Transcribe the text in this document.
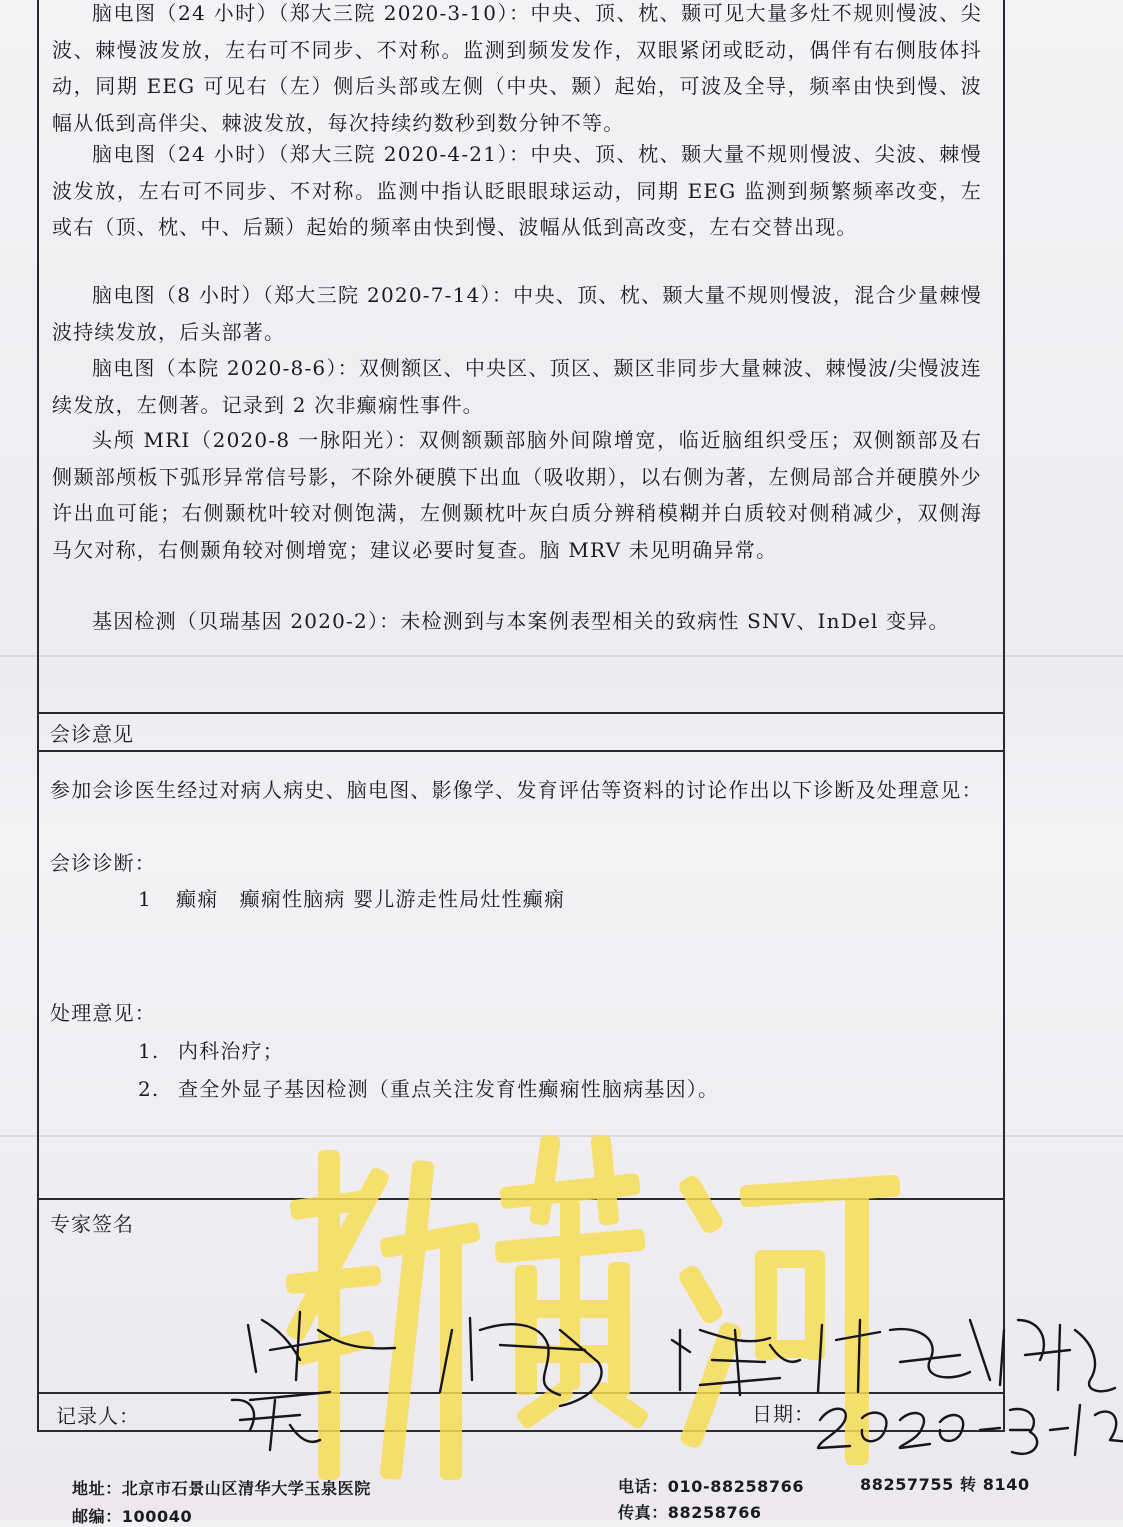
脑电图（24 小时）（郑大三院 2020-3-10）：中央、顶、枕、颞可见大量多灶不规则慢波、尖波、棘慢波发放，左右可不同步、不对称。监测到频发发作，双眼紧闭或眨动，偶伴有右侧肢体抖动，同期 EEG 可见右（左）侧后头部或左侧（中央、颞）起始，可波及全导，频率由快到慢、波幅从低到高伴尖、棘波发放，每次持续约数秒到数分钟不等。

脑电图（24 小时）（郑大三院 2020-4-21）：中央、顶、枕、颞大量不规则慢波、尖波、棘慢波发放，左右可不同步、不对称。监测中指认眨眼眼球运动，同期 EEG 监测到频繁频率改变，左或右（顶、枕、中、后颞）起始的频率由快到慢、波幅从低到高改变，左右交替出现。

脑电图（8 小时）（郑大三院 2020-7-14）：中央、顶、枕、颞大量不规则慢波，混合少量棘慢波持续发放，后头部著。

脑电图（本院 2020-8-6）：双侧额区、中央区、顶区、颞区非同步大量棘波、棘慢波/尖慢波连续发放，左侧著。记录到 2 次非癫痫性事件。

头颅 MRI（2020-8 一脉阳光）：双侧额颞部脑外间隙增宽，临近脑组织受压；双侧额部及右侧颞部颅板下弧形异常信号影，不除外硬膜下出血（吸收期），以右侧为著，左侧局部合并硬膜外少许出血可能；右侧颞枕叶较对侧饱满，左侧颞枕叶灰白质分辨稍模糊并白质较对侧稍减少，双侧海马欠对称，右侧颞角较对侧增宽；建议必要时复查。脑 MRV 未见明确异常。

基因检测（贝瑞基因 2020-2）：未检测到与本案例表型相关的致病性 SNV、InDel 变异。

会诊意见
参加会诊医生经过对病人病史、脑电图、影像学、发育评估等资料的讨论作出以下诊断及处理意见：
会诊诊断：
1 癫痫　癫痫性脑病 婴儿游走性局灶性癫痫
处理意见：
1. 内科治疗；
2. 查全外显子基因检测（重点关注发育性癫痫性脑病基因）。
专家签名
记录人：	日期：
地址：北京市石景山区清华大学玉泉医院
邮编：100040
电话：010-88258766	88257755 转 8140
传真：88258766
